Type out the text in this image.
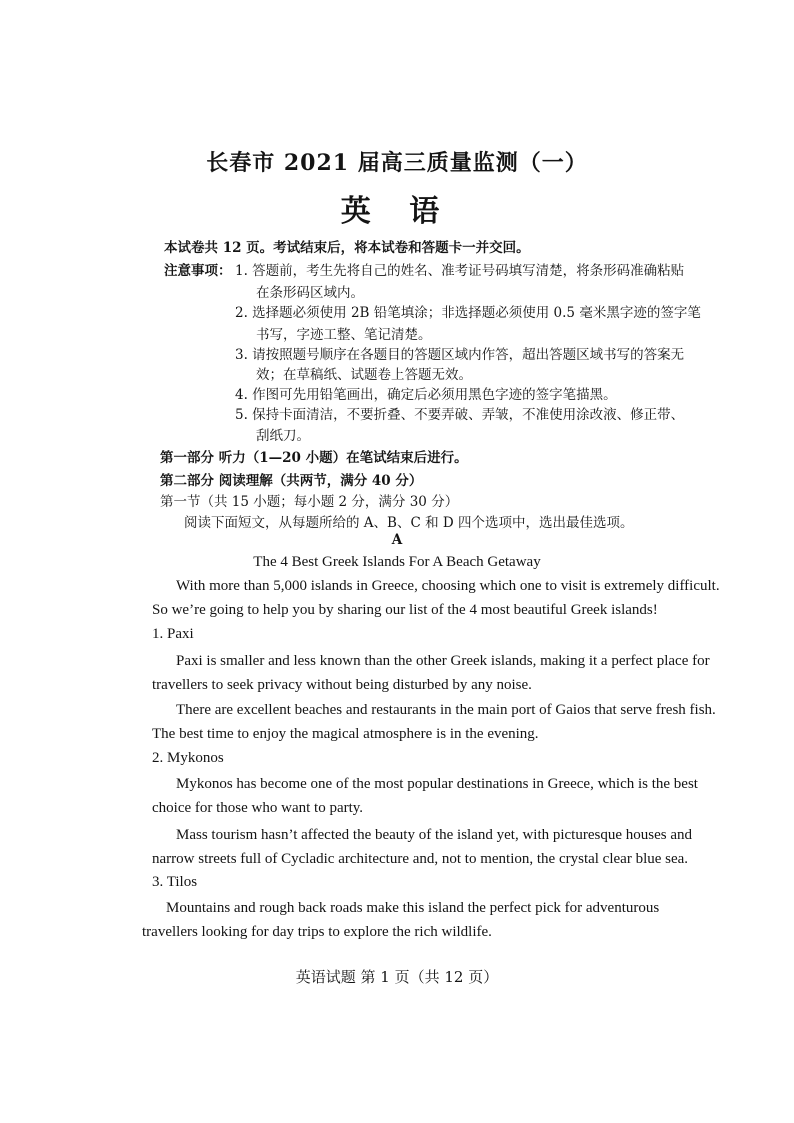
长春市 2021 届高三质量监测（一）
英 语
本试卷共 12 页。考试结束后，将本试卷和答题卡一并交回。
注意事项： 1. 答题前，考生先将自己的姓名、准考证号码填写清楚，将条形码准确粘贴
在条形码区域内。
2. 选择题必须使用 2B 铅笔填涂；非选择题必须使用 0.5 毫米黑字迹的签字笔
书写，字迹工整、笔记清楚。
3. 请按照题号顺序在各题目的答题区域内作答，超出答题区域书写的答案无
效；在草稿纸、试题卷上答题无效。
4. 作图可先用铅笔画出，确定后必须用黑色字迹的签字笔描黑。
5. 保持卡面清洁，不要折叠、不要弄破、弄皱，不准使用涂改液、修正带、
刮纸刀。
第一部分 听力（1—20 小题）在笔试结束后进行。
第二部分 阅读理解（共两节，满分 40 分）
第一节（共 15 小题；每小题 2 分，满分 30 分）
阅读下面短文，从每题所给的 A、B、C 和 D 四个选项中，选出最佳选项。
A
The 4 Best Greek Islands For A Beach Getaway
With more than 5,000 islands in Greece, choosing which one to visit is extremely difficult.
So we’re going to help you by sharing our list of the 4 most beautiful Greek islands!
1. Paxi
Paxi is smaller and less known than the other Greek islands, making it a perfect place for
travellers to seek privacy without being disturbed by any noise.
There are excellent beaches and restaurants in the main port of Gaios that serve fresh fish.
The best time to enjoy the magical atmosphere is in the evening.
2. Mykonos
Mykonos has become one of the most popular destinations in Greece, which is the best
choice for those who want to party.
Mass tourism hasn’t affected the beauty of the island yet, with picturesque houses and
narrow streets full of Cycladic architecture and, not to mention, the crystal clear blue sea.
3. Tilos
Mountains and rough back roads make this island the perfect pick for adventurous
travellers looking for day trips to explore the rich wildlife.
英语试题 第 1 页（共 12 页）
